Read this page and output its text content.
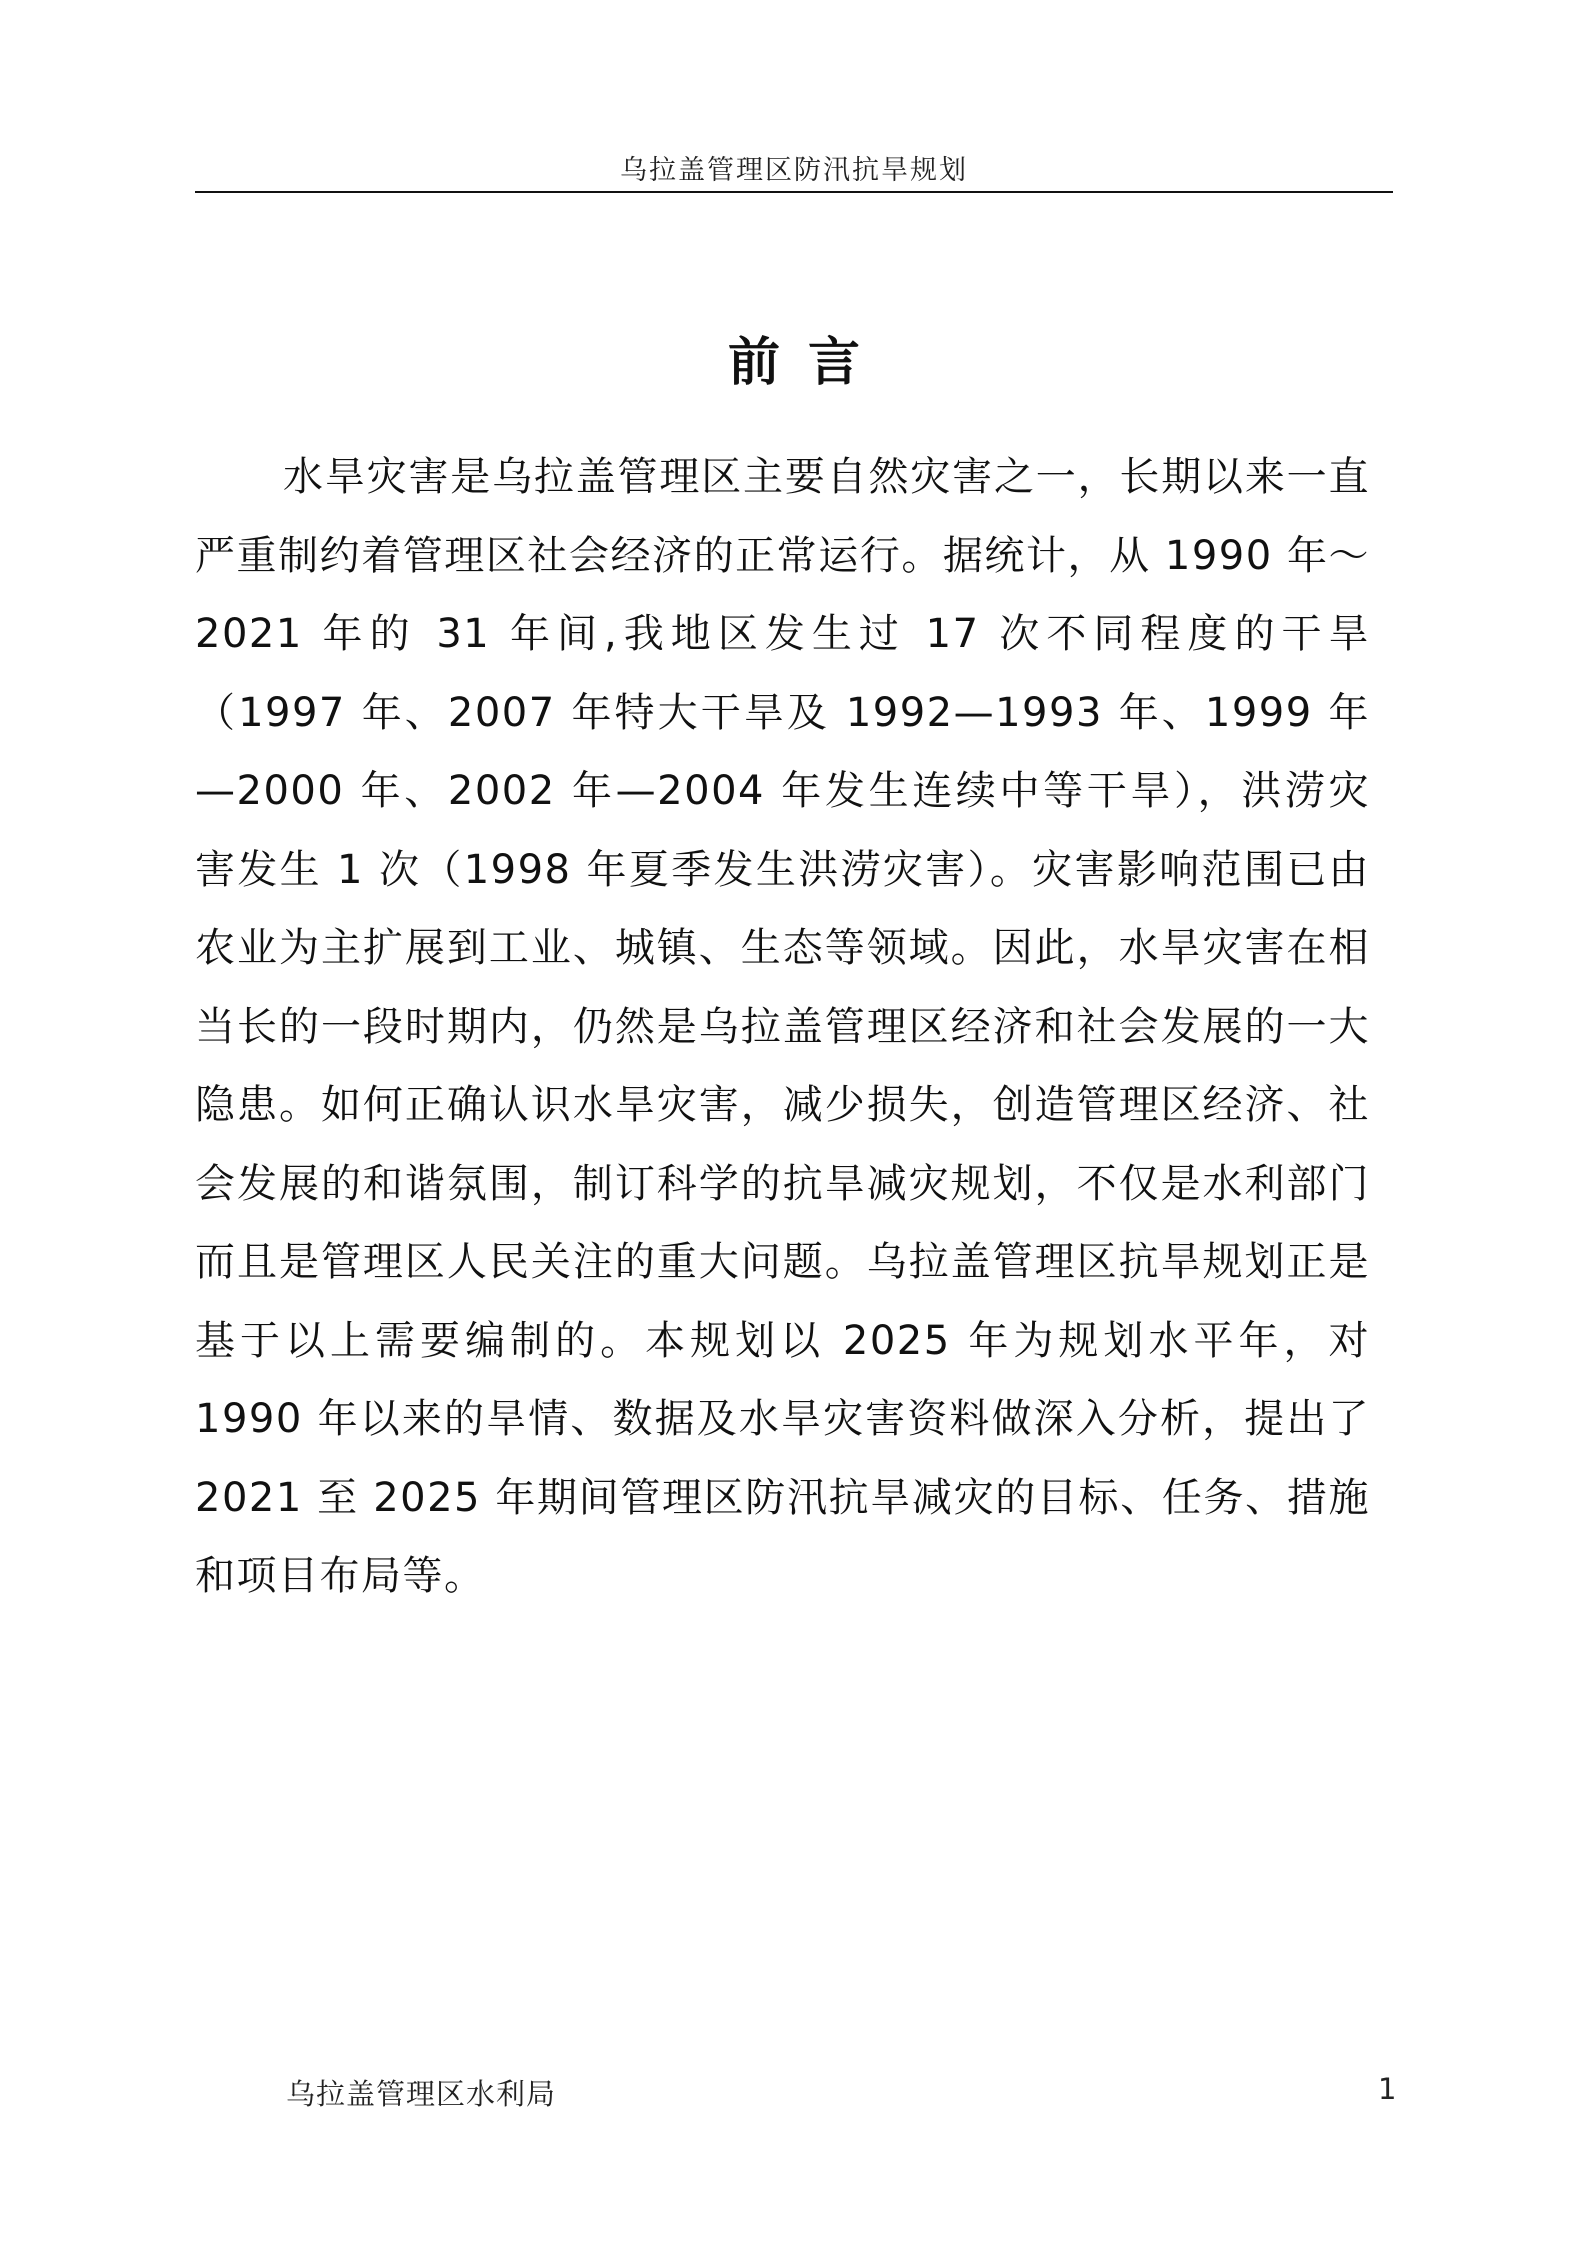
乌拉盖管理区防汛抗旱规划
前言

水旱灾害是乌拉盖管理区主要自然灾害之一，长期以来一直严重制约着管理区社会经济的正常运行。据统计，从 1990 年～2021 年的 31 年间,我地区发生过 17 次不同程度的干旱（1997 年、2007 年特大干旱及 1992—1993 年、1999 年—2000 年、2002 年—2004 年发生连续中等干旱），洪涝灾害发生 1 次（1998 年夏季发生洪涝灾害）。灾害影响范围已由农业为主扩展到工业、城镇、生态等领域。因此，水旱灾害在相当长的一段时期内，仍然是乌拉盖管理区经济和社会发展的一大隐患。如何正确认识水旱灾害，减少损失，创造管理区经济、社会发展的和谐氛围，制订科学的抗旱减灾规划，不仅是水利部门而且是管理区人民关注的重大问题。乌拉盖管理区抗旱规划正是基于以上需要编制的。本规划以 2025 年为规划水平年，对 1990 年以来的旱情、数据及水旱灾害资料做深入分析，提出了 2021 至 2025 年期间管理区防汛抗旱减灾的目标、任务、措施和项目布局等。

乌拉盖管理区水利局	1
